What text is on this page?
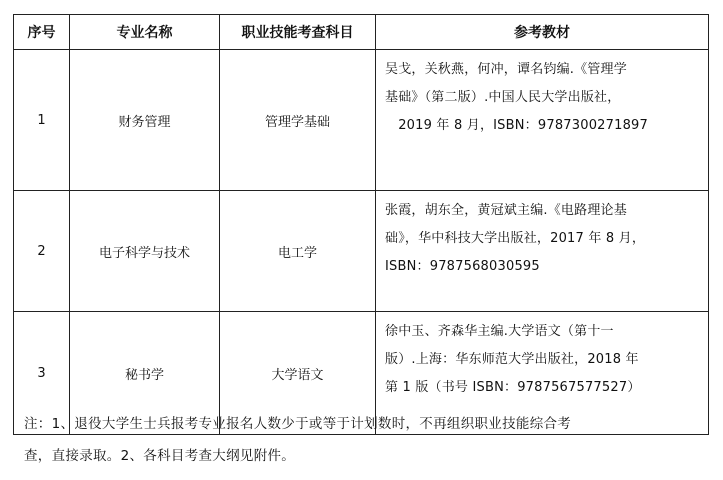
序号	专业名称	职业技能考查科目	参考教材
1	财务管理	管理学基础	吴戈，关秋燕，何冲，谭名钧编.《管理学
基础》（第二版）.中国人民大学出版社，
　2019 年 8 月，ISBN：9787300271897

2	电子科学与技术	电工学	张霞，胡东全，黄冠斌主编.《电路理论基
础》，华中科技大学出版社，2017 年 8 月，
ISBN：9787568030595

3	秘书学	大学语文	徐中玉、齐森华主编.大学语文（第十一
版）.上海：华东师范大学出版社，2018 年
第 1 版（书号 ISBN：9787567577527）
注：1、退役大学生士兵报考专业报名人数少于或等于计划数时，不再组织职业技能综合考
查，直接录取。2、各科目考查大纲见附件。
